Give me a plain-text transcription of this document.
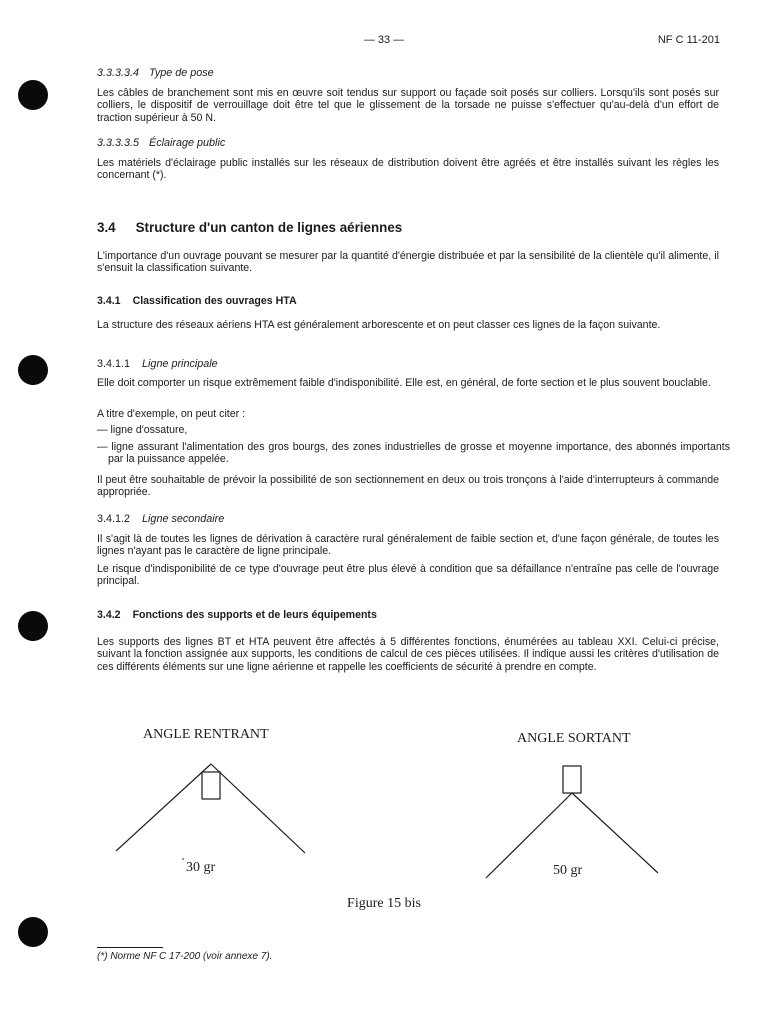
— 33 —	NF C 11-201
3.3.3.3.4 Type de pose
Les câbles de branchement sont mis en œuvre soit tendus sur support ou façade soit posés sur colliers. Lorsqu'ils sont posés sur colliers, le dispositif de verrouillage doit être tel que le glissement de la torsade ne puisse s'effectuer qu'au-delà d'un effort de traction supérieur à 50 N.
3.3.3.3.5 Éclairage public
Les matériels d'éclairage public installés sur les réseaux de distribution doivent être agréés et être installés suivant les règles les concernant (*).
3.4 Structure d'un canton de lignes aériennes
L'importance d'un ouvrage pouvant se mesurer par la quantité d'énergie distribuée et par la sensibilité de la clientèle qu'il alimente, il s'ensuit la classification suivante.
3.4.1 Classification des ouvrages HTA
La structure des réseaux aériens HTA est généralement arborescente et on peut classer ces lignes de la façon suivante.
3.4.1.1 Ligne principale
Elle doit comporter un risque extrêmement faible d'indisponibilité. Elle est, en général, de forte section et le plus souvent bouclable.
A titre d'exemple, on peut citer :
— ligne d'ossature,
— ligne assurant l'alimentation des gros bourgs, des zones industrielles de grosse et moyenne importance, des abonnés importants par la puissance appelée.
Il peut être souhaitable de prévoir la possibilité de son sectionnement en deux ou trois tronçons à l'aide d'interrupteurs à commande appropriée.
3.4.1.2 Ligne secondaire
Il s'agit là de toutes les lignes de dérivation à caractère rural généralement de faible section et, d'une façon générale, de toutes les lignes n'ayant pas le caractère de ligne principale.
Le risque d'indisponibilité de ce type d'ouvrage peut être plus élevé à condition que sa défaillance n'entraîne pas celle de l'ouvrage principal.
3.4.2 Fonctions des supports et de leurs équipements
Les supports des lignes BT et HTA peuvent être affectés à 5 différentes fonctions, énumérées au tableau XXI. Celui-ci précise, suivant la fonction assignée aux supports, les conditions de calcul de ces pièces utilisées. Il indique aussi les critères d'utilisation de ces différents éléments sur une ligne aérienne et rappelle les coefficients de sécurité à prendre en compte.
ANGLE RENTRANT	ANGLE SORTANT
30 gr	50 gr
Figure 15 bis
(*) Norme NF C 17-200 (voir annexe 7).
